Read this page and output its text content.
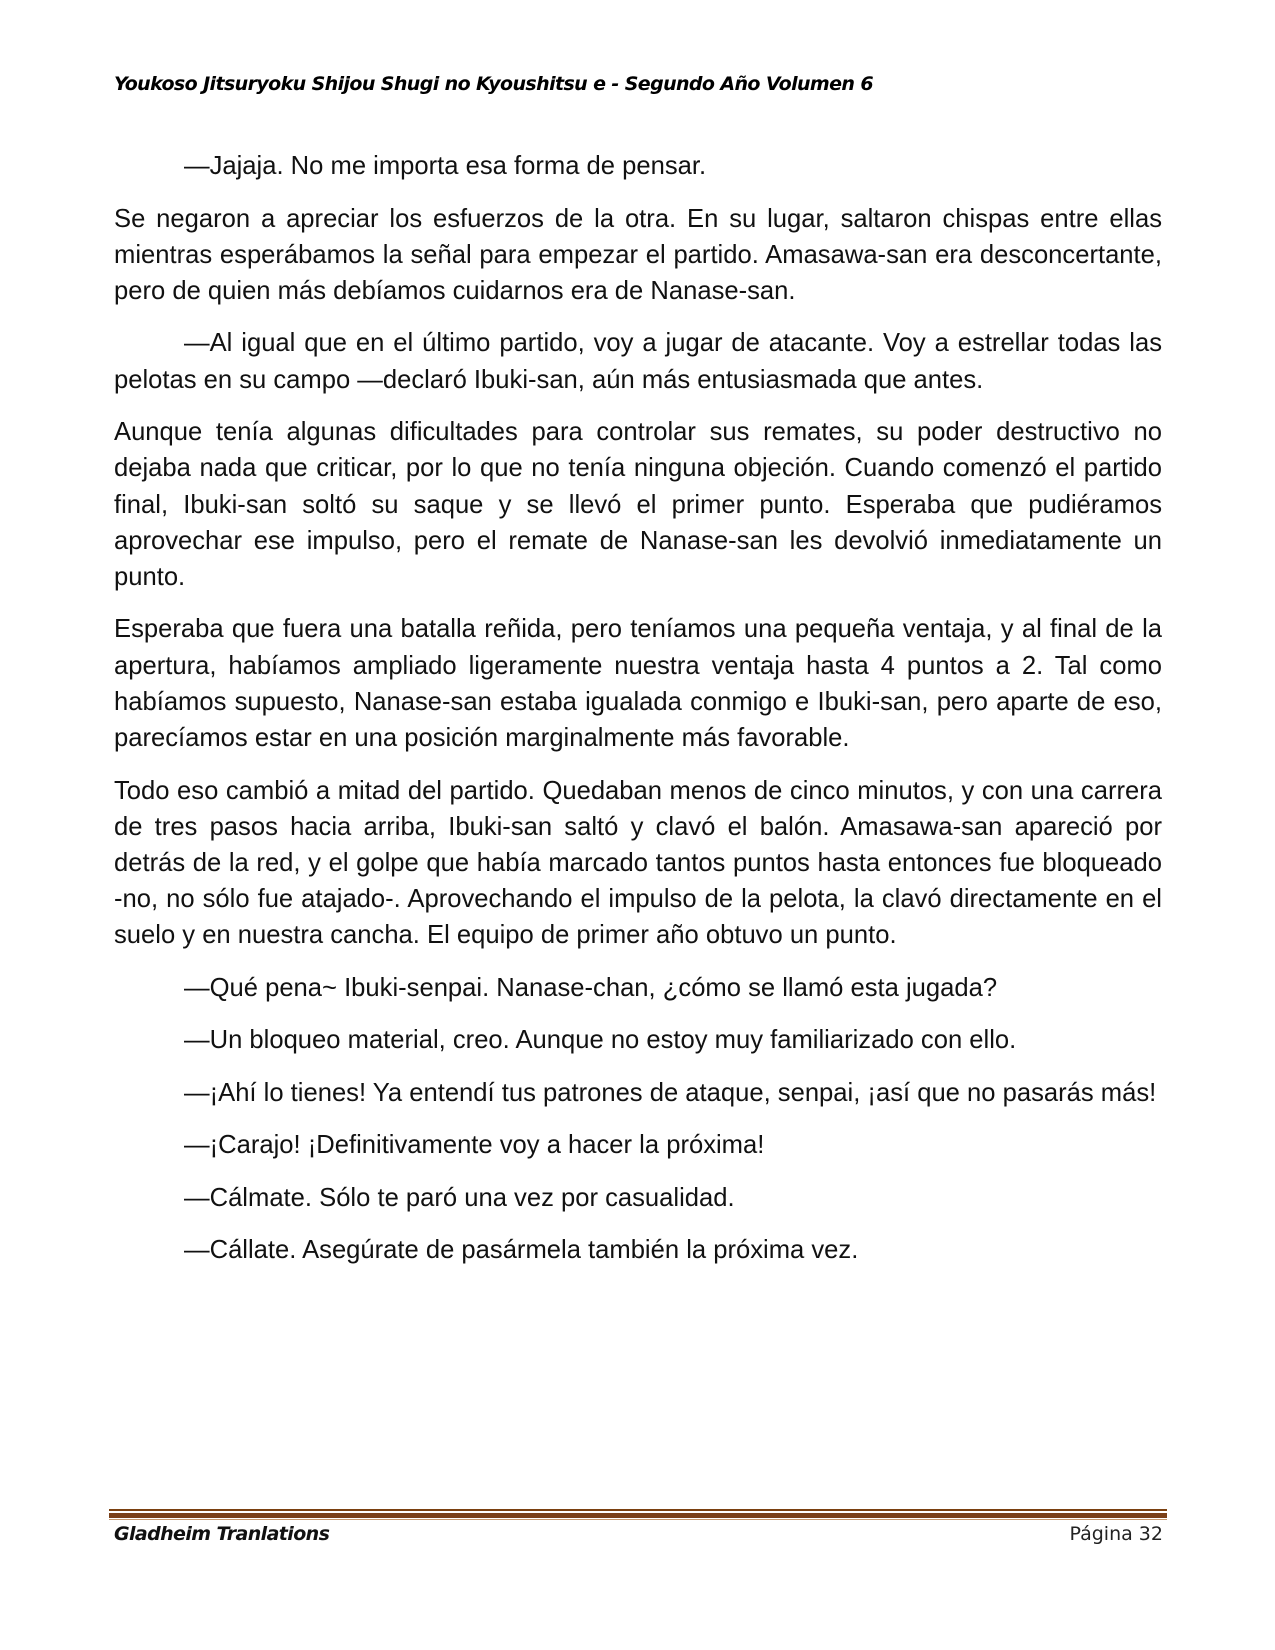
Youkoso Jitsuryoku Shijou Shugi no Kyoushitsu e - Segundo Año Volumen 6

—Jajaja. No me importa esa forma de pensar.

Se negaron a apreciar los esfuerzos de la otra. En su lugar, saltaron chispas entre ellas mientras esperábamos la señal para empezar el partido. Amasawa-san era desconcertante, pero de quien más debíamos cuidarnos era de Nanase-san.

—Al igual que en el último partido, voy a jugar de atacante. Voy a estrellar todas las pelotas en su campo —declaró Ibuki-san, aún más entusiasmada que antes.

Aunque tenía algunas dificultades para controlar sus remates, su poder destructivo no dejaba nada que criticar, por lo que no tenía ninguna objeción. Cuando comenzó el partido final, Ibuki-san soltó su saque y se llevó el primer punto. Esperaba que pudiéramos aprovechar ese impulso, pero el remate de Nanase-san les devolvió inmediatamente un punto.

Esperaba que fuera una batalla reñida, pero teníamos una pequeña ventaja, y al final de la apertura, habíamos ampliado ligeramente nuestra ventaja hasta 4 puntos a 2. Tal como habíamos supuesto, Nanase-san estaba igualada conmigo e Ibuki-san, pero aparte de eso, parecíamos estar en una posición marginalmente más favorable.

Todo eso cambió a mitad del partido. Quedaban menos de cinco minutos, y con una carrera de tres pasos hacia arriba, Ibuki-san saltó y clavó el balón. Amasawa-san apareció por detrás de la red, y el golpe que había marcado tantos puntos hasta entonces fue bloqueado -no, no sólo fue atajado-. Aprovechando el impulso de la pelota, la clavó directamente en el suelo y en nuestra cancha. El equipo de primer año obtuvo un punto.

—Qué pena~ Ibuki-senpai. Nanase-chan, ¿cómo se llamó esta jugada?

—Un bloqueo material, creo. Aunque no estoy muy familiarizado con ello.

—¡Ahí lo tienes! Ya entendí tus patrones de ataque, senpai, ¡así que no pasarás más!

—¡Carajo! ¡Definitivamente voy a hacer la próxima!

—Cálmate. Sólo te paró una vez por casualidad.

—Cállate. Asegúrate de pasármela también la próxima vez.

Gladheim Tranlations	Página 32
